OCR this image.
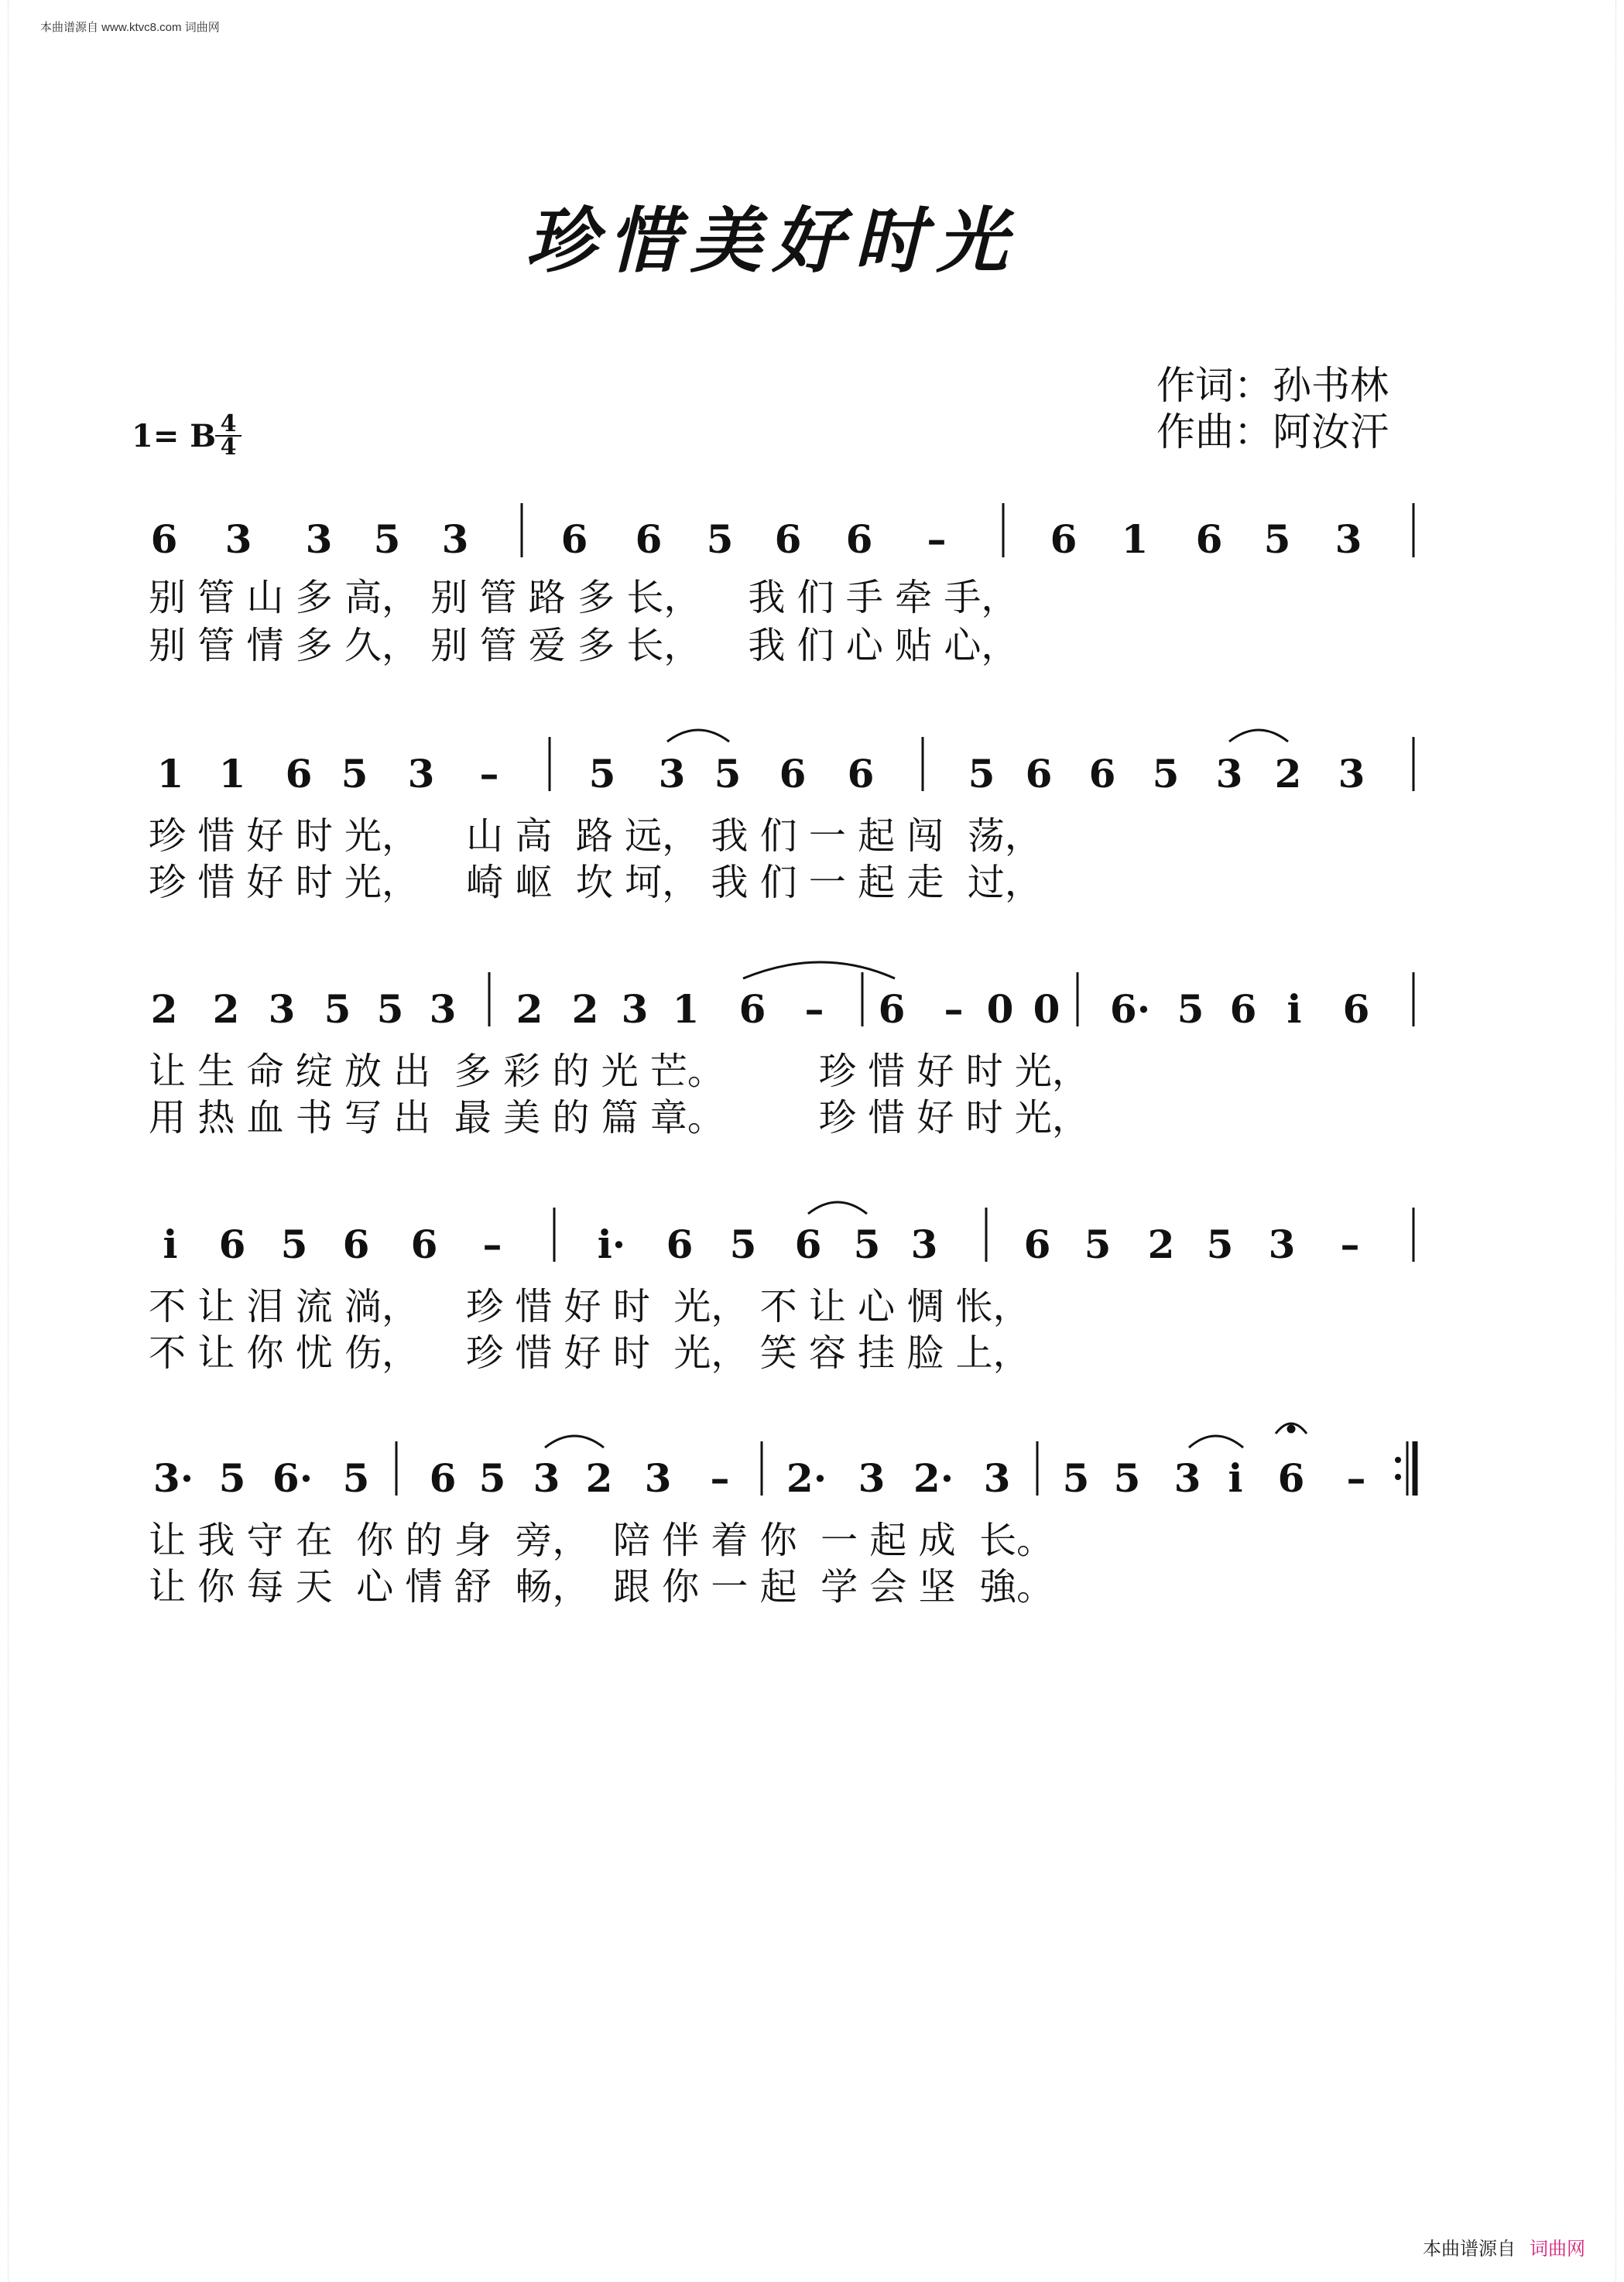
本曲谱源自 www.ktvc8.com 词曲网
珍惜美好时光
作词：孙书林
作曲：阿汝汗
1= B 4
4
6 3 3 5 3 6 6 5 6 6 –	6 1 6 5 3
1 1 6 5 3 – 5 3 5 6 6 5 6 6 5 3 2 3
2 2 3 5 5 3 2 2 3 1 6 – 6 – 0 0 6· 5 6 i 6
i 6 5 6 6 – i· 6 5 6 5 3 6 5 2 5 3 –
3· 5 6· 5 6 5 3 2 3 – 2· 3 2· 3 5 5 3 i 6 –
别 管 山 多 高， 别 管 路 多 长，    我 们 手 牵 手，
别 管 情 多 久， 别 管 爱 多 长，    我 们 心 贴 心，
珍 惜 好 时 光，    山 高  路 远， 我 们 一 起 闯  荡，
珍 惜 好 时 光，    崎 岖  坎 坷， 我 们 一 起 走  过，
让 生 命 绽 放 出  多 彩 的 光 芒。        珍 惜 好 时 光，
用 热 血 书 写 出  最 美 的 篇 章。        珍 惜 好 时 光，
不 让 泪 流 淌，    珍 惜 好 时  光， 不 让 心 惆 怅，
不 让 你 忧 伤，    珍 惜 好 时  光， 笑 容 挂 脸 上，
让 我 守 在  你 的 身  旁，  陪 伴 着 你  一 起 成  长。
让 你 每 天  心 情 舒  畅，  跟 你 一 起  学 会 坚  強。
本曲谱源自 词曲网
